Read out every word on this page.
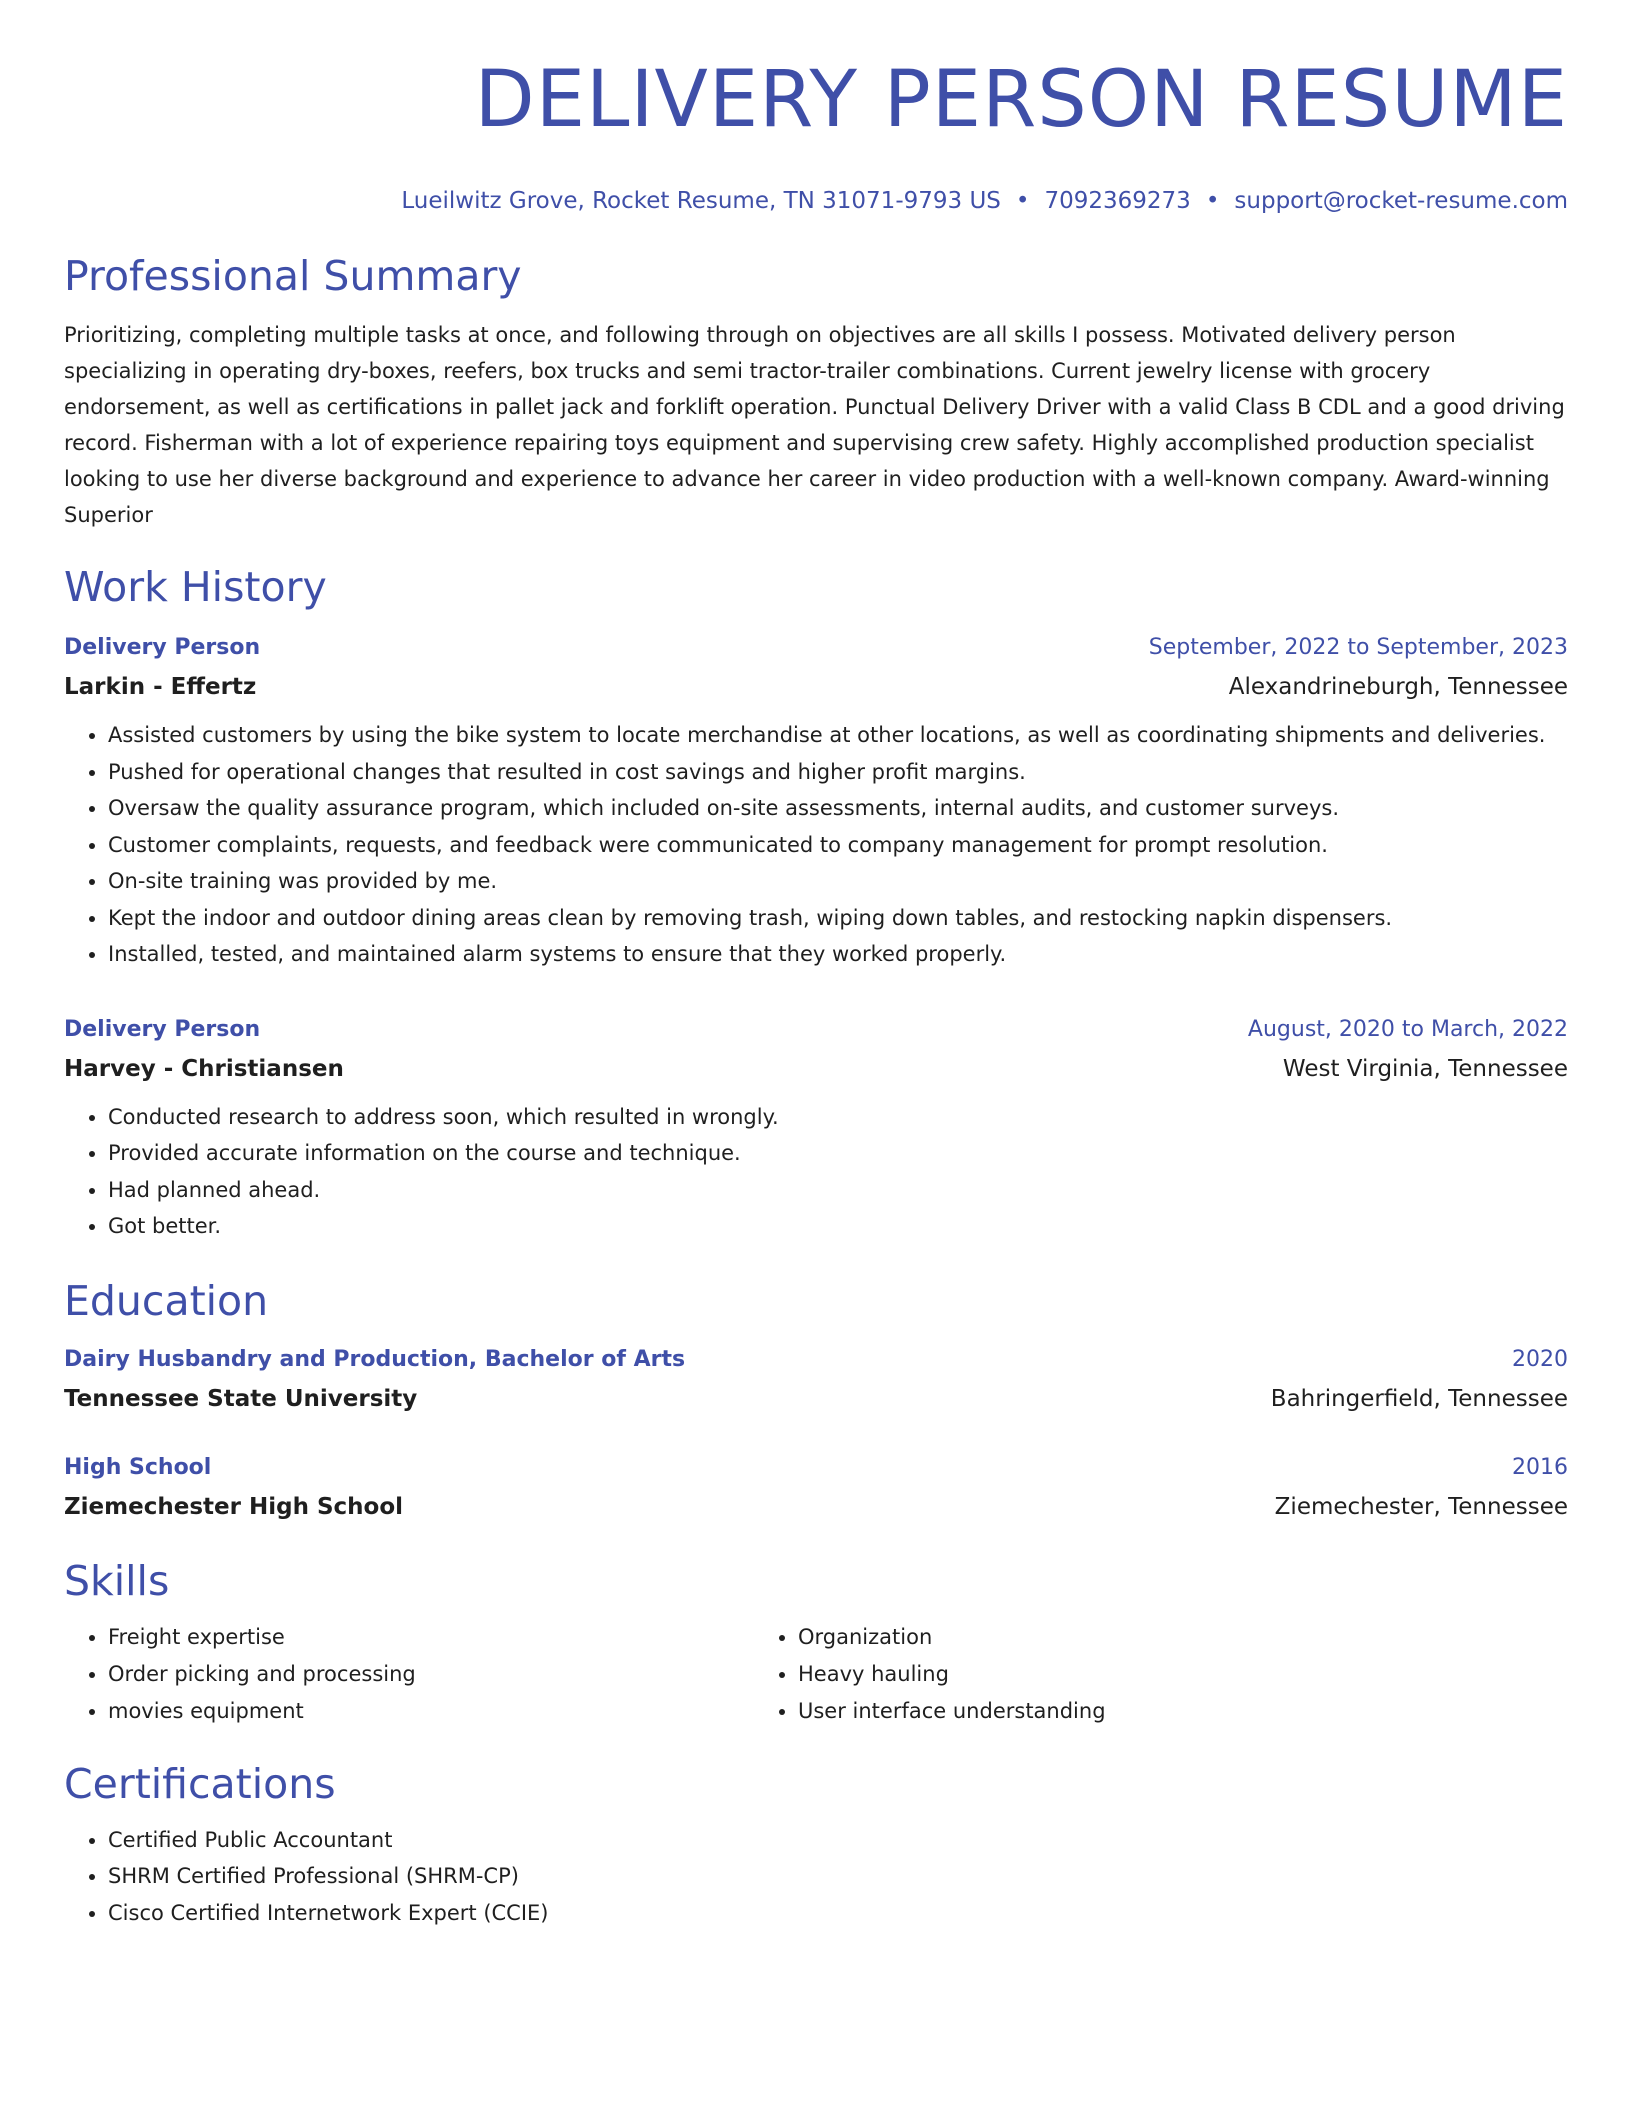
DELIVERY PERSON RESUME
Lueilwitz Grove, Rocket Resume, TN 31071-9793 US • 7092369273 • support@rocket-resume.com
Professional Summary

Prioritizing, completing multiple tasks at once, and following through on objectives are all skills I possess. Motivated delivery person specializing in operating dry-boxes, reefers, box trucks and semi tractor-trailer combinations. Current jewelry license with grocery endorsement, as well as certifications in pallet jack and forklift operation. Punctual Delivery Driver with a valid Class B CDL and a good driving record. Fisherman with a lot of experience repairing toys equipment and supervising crew safety. Highly accomplished production specialist looking to use her diverse background and experience to advance her career in video production with a well-known company. Award-winning Superior

Work History
Delivery Person	September, 2022 to September, 2023
Larkin - Effertz	Alexandrineburgh, Tennessee
• Assisted customers by using the bike system to locate merchandise at other locations, as well as coordinating shipments and deliveries.
• Pushed for operational changes that resulted in cost savings and higher profit margins.
• Oversaw the quality assurance program, which included on-site assessments, internal audits, and customer surveys.
• Customer complaints, requests, and feedback were communicated to company management for prompt resolution.
• On-site training was provided by me.
• Kept the indoor and outdoor dining areas clean by removing trash, wiping down tables, and restocking napkin dispensers.
• Installed, tested, and maintained alarm systems to ensure that they worked properly.
Delivery Person	August, 2020 to March, 2022
Harvey - Christiansen	West Virginia, Tennessee
• Conducted research to address soon, which resulted in wrongly.
• Provided accurate information on the course and technique.
• Had planned ahead.
• Got better.
Education
Dairy Husbandry and Production, Bachelor of Arts	2020
Tennessee State University	Bahringerfield, Tennessee
High School	2016
Ziemechester High School	Ziemechester, Tennessee
Skills
• Freight expertise
• Order picking and processing
• movies equipment
• Organization
• Heavy hauling
• User interface understanding
Certifications
• Certified Public Accountant
• SHRM Certified Professional (SHRM-CP)
• Cisco Certified Internetwork Expert (CCIE)
